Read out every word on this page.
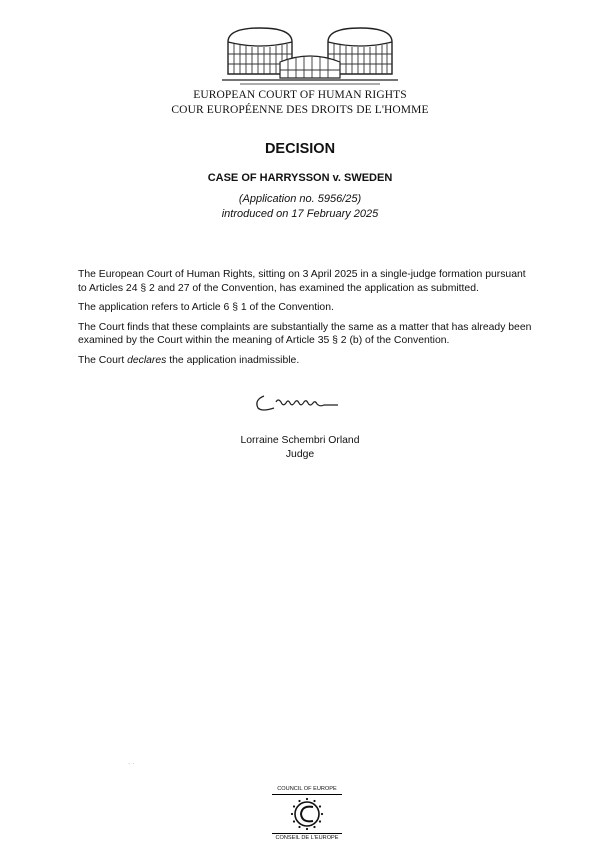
EUROPEAN COURT OF HUMAN RIGHTS
COUR EUROPÉENNE DES DROITS DE L'HOMME
DECISION
CASE OF HARRYSSON v. SWEDEN
(Application no. 5956/25)
introduced on 17 February 2025

The European Court of Human Rights, sitting on 3 April 2025 in a single-judge formation pursuant to Articles 24 § 2 and 27 of the Convention, has examined the application as submitted.

The application refers to Article 6 § 1 of the Convention.

The Court finds that these complaints are substantially the same as a matter that has already been examined by the Court within the meaning of Article 35 § 2 (b) of the Convention.

The Court declares the application inadmissible.

Lorraine Schembri Orland
Judge
. .
COUNCIL OF EUROPE
CONSEIL DE L'EUROPE
